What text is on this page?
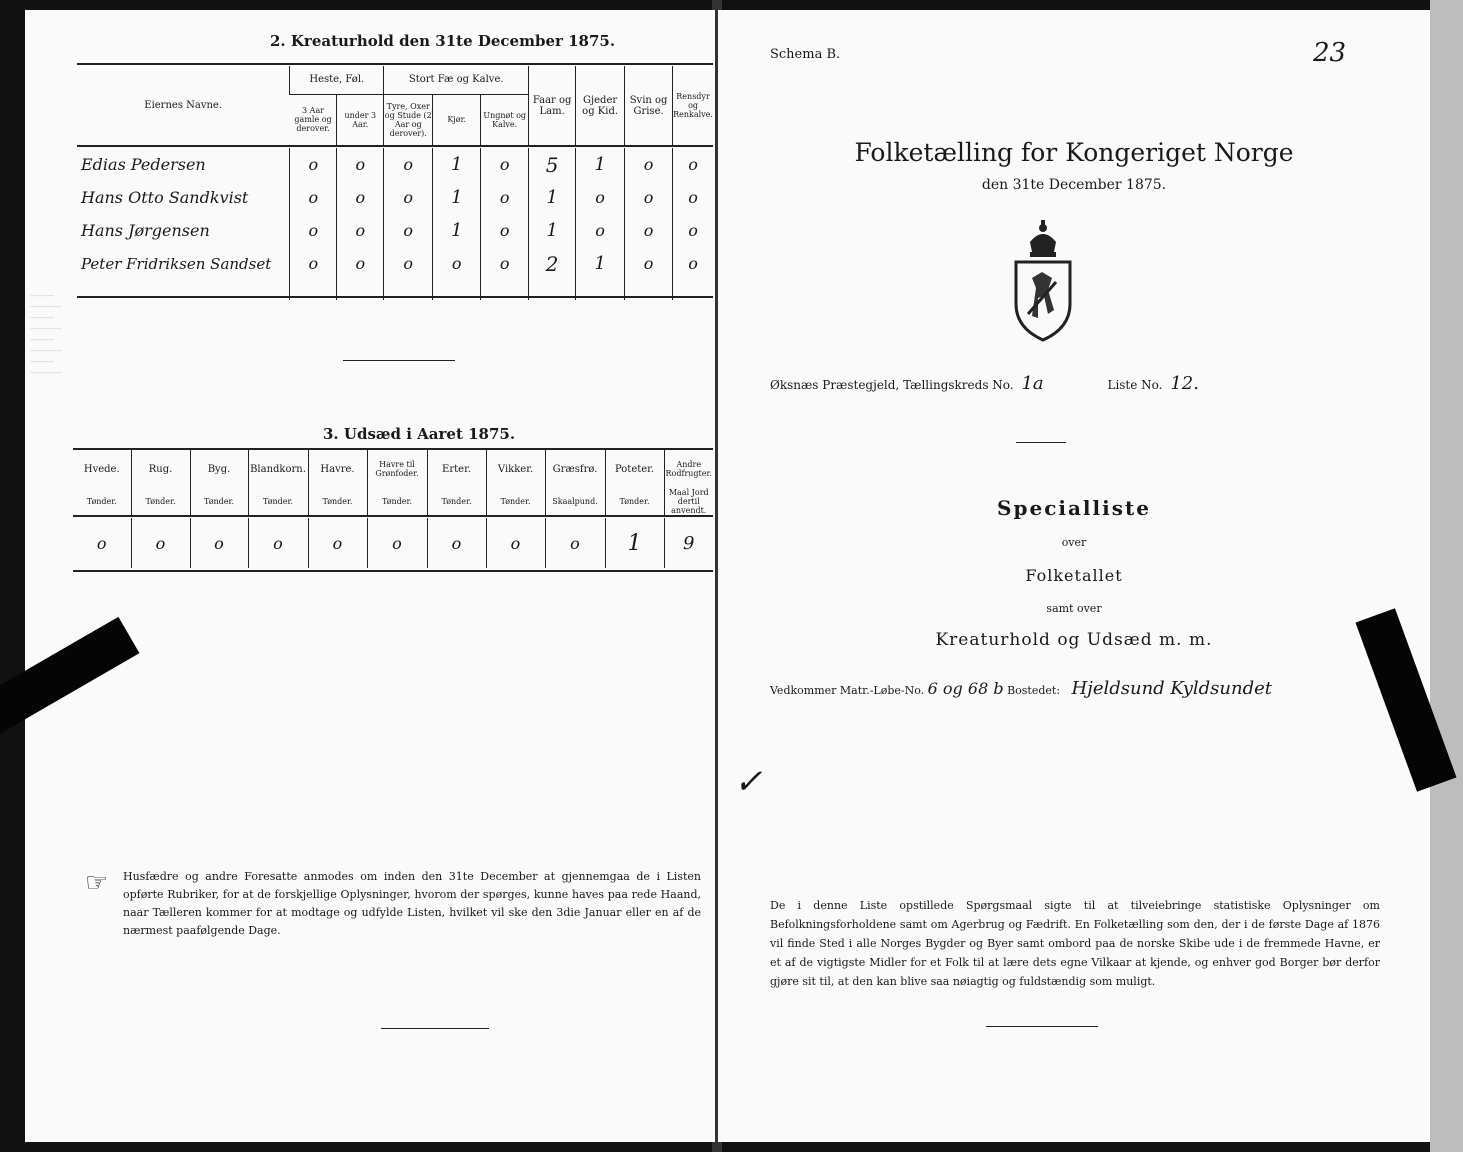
———
————
———
————
———
————
———
————
2. Kreaturhold den 31te December 1875.
Eiernes Navne.	Heste, Føl.		Stort Fæ og Kalve.			Faar og Lam.	Gjeder og Kid.	Svin og Grise.	Rensdyr og Renkalve.
	3 Aar gamle og derover.	under 3 Aar.	Tyre, Oxer og Stude (2 Aar og derover).	Kjør.	Ungnøt og Kalve.				

Edias Pedersen	o	o	o	1	o	5	1	o	o
Hans Otto Sandkvist	o	o	o	1	o	1	o	o	o
Hans Jørgensen	o	o	o	1	o	1	o	o	o
Peter Fridriksen Sandset	o	o	o	o	o	2	1	o	o

3. Udsæd i Aaret 1875.
Hvede.	Rug.	Byg.	Blandkorn.	Havre.	Havre til Grønfoder.	Erter.	Vikker.	Græsfrø.	Poteter.	Andre Rodfrugter.
Tønder.	Tønder.	Tønder.	Tønder.	Tønder.	Tønder.	Tønder.	Tønder.	Skaalpund.	Tønder.	Maal Jord dertil anvendt.

o	o	o	o	o	o	o	o	o	1	9
☞ Husfædre og andre Foresatte anmodes om inden den 31te December at gjennemgaa de i Listen opførte Rubriker, for at de forskjellige Oplysninger, hvorom der spørges, kunne haves paa rede Haand, naar Tælleren kommer for at modtage og udfylde Listen, hvilket vil ske den 3die Januar eller en af de nærmest paafølgende Dage.
Schema B.	23
Folketælling for Kongeriget Norge
den 31te December 1875.
Øksnæs Præstegjeld, Tællingskreds No. 1a	Liste No. 12.
Specialliste
over
Folketallet
samt over
Kreaturhold og Udsæd m. m.
Vedkommer Matr.-Løbe-No. 6 og 68 b Bostedet: Hjeldsund Kyldsundet
✓
De i denne Liste opstillede Spørgsmaal sigte til at tilveiebringe statistiske Oplysninger om Befolkningsforholdene samt om Agerbrug og Fædrift. En Folketælling som den, der i de første Dage af 1876 vil finde Sted i alle Norges Bygder og Byer samt ombord paa de norske Skibe ude i de fremmede Havne, er et af de vigtigste Midler for et Folk til at lære dets egne Vilkaar at kjende, og enhver god Borger bør derfor gjøre sit til, at den kan blive saa nøiagtig og fuldstændig som muligt.
